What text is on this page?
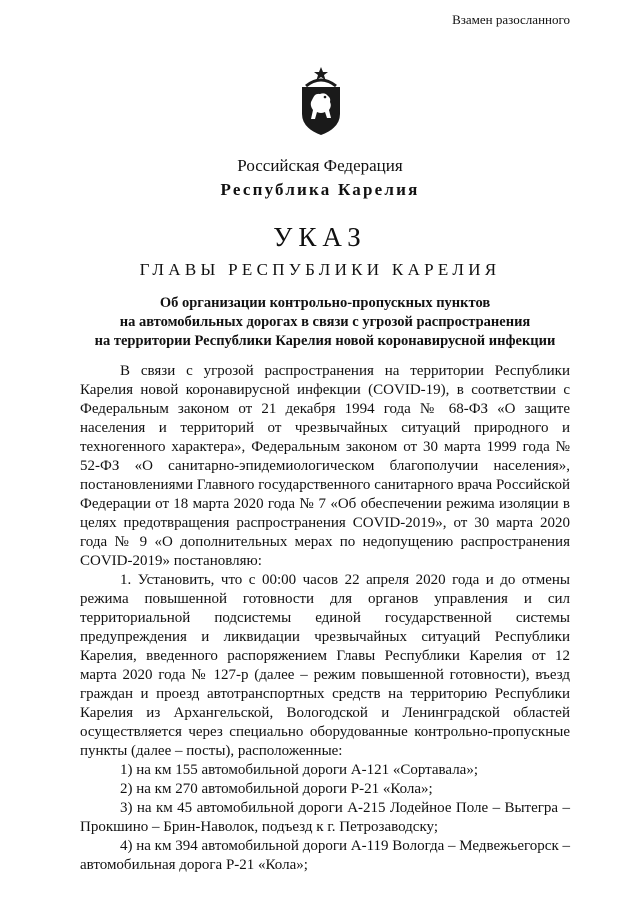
Взамен разосланного
Российская Федерация
Республика Карелия
УКАЗ
ГЛАВЫ РЕСПУБЛИКИ КАРЕЛИЯ
Об организации контрольно-пропускных пунктов
на автомобильных дорогах в связи с угрозой распространения
на территории Республики Карелия новой коронавирусной инфекции

В связи с угрозой распространения на территории Республики Карелия новой коронавирусной инфекции (COVID-19), в соответствии с Федеральным законом от 21 декабря 1994 года № 68-ФЗ «О защите населения и территорий от чрезвычайных ситуаций природного и техногенного характера», Федеральным законом от 30 марта 1999 года № 52-ФЗ «О санитарно-эпидемиологическом благополучии населения», постановлениями Главного государственного санитарного врача Российской Федерации от 18 марта 2020 года № 7 «Об обеспечении режима изоляции в целях предотвращения распространения COVID-2019», от 30 марта 2020 года № 9 «О дополнительных мерах по недопущению распространения COVID-2019» постановляю:

1. Установить, что с 00:00 часов 22 апреля 2020 года и до отмены режима повышенной готовности для органов управления и сил территориальной подсистемы единой государственной системы предупреждения и ликвидации чрезвычайных ситуаций Республики Карелия, введенного распоряжением Главы Республики Карелия от 12 марта 2020 года № 127-р (далее – режим повышенной готовности), въезд граждан и проезд автотранспортных средств на территорию Республики Карелия из Архангельской, Вологодской и Ленинградской областей осуществляется через специально оборудованные контрольно-пропускные пункты (далее – посты), расположенные:

1) на км 155 автомобильной дороги А-121 «Сортавала»;

2) на км 270 автомобильной дороги Р-21 «Кола»;

3) на км 45 автомобильной дороги А-215 Лодейное Поле – Вытегра – Прокшино – Брин-Наволок, подъезд к г. Петрозаводску;

4) на км 394 автомобильной дороги А-119 Вологда – Медвежьегорск – автомобильная дорога Р-21 «Кола»;
